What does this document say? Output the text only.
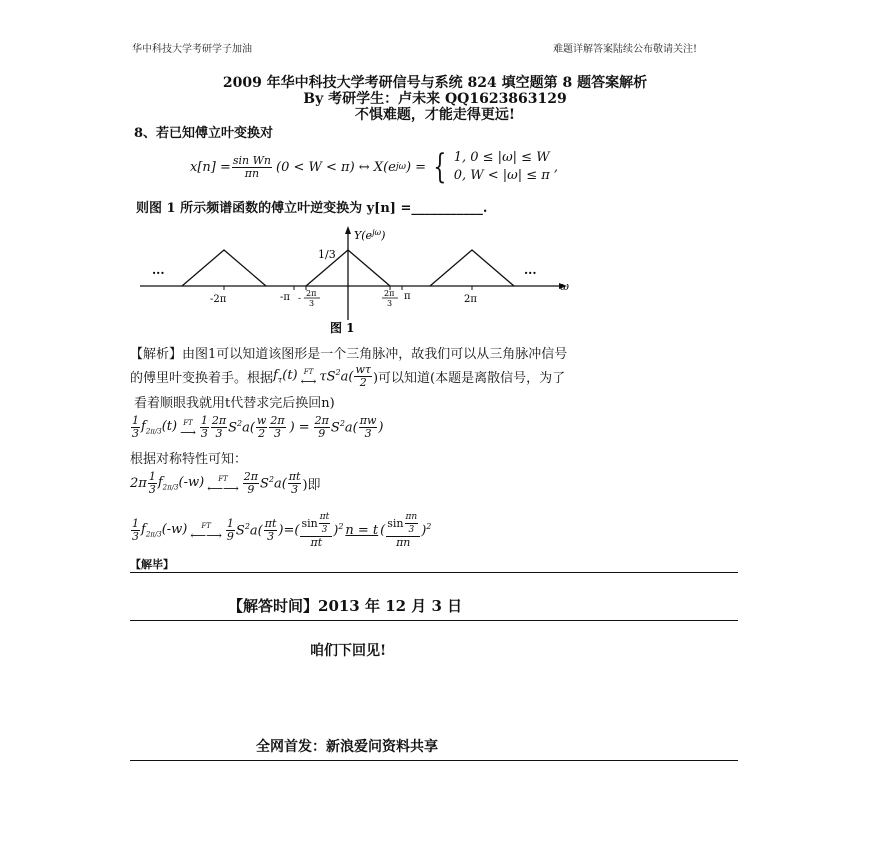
华中科技大学考研学子加油	难题详解答案陆续公布敬请关注!
2009 年华中科技大学考研信号与系统 824 填空题第 8 题答案解析
By 考研学生：卢未来 QQ1623863129
不惧难题，才能走得更远!
8、若已知傅立叶变换对
$x[n] = \frac{\text{sin Wn}}{\pi n} (0 < W < \pi)$ ↔ X(e jω ) = { 1, 0 ≤ |ω| ≤ W
0, W < |ω| ≤ π
,
则图 1 所示频谱函数的傅立叶逆变换为 y[n] =___________.
$Y(e^{j\omega})$
1/3
...	...
-2π	-π 2π
3
-
2π
3
π	2π
ω
图 1
【解析】由图1可以知道该图形是一个三角脉冲，故我们可以从三角脉冲信号
的傅里叶变换着手。根据 $f_\tau(t)$ FT
⟷ $\tau S^2a( \frac{w\tau}{2}$ )可以知道(本题是离散信号，为了
看着顺眼我就用t代替求完后换回n)
$\frac{1}{3} f_{2\pi/3}(t)$ FT
⟶ $\frac{1}{3} \frac{2\pi}{3} S^2a( \frac{w}{2} \frac{2\pi}{3}$ ) = $\frac{2\pi}{9} S^2a( \frac{\pi w}{3}$ )
根据对称特性可知：
$2\pi \frac{1}{3} f_{2\pi/3}(-w)$	FT
⟵⟶ $\frac{2\pi}{9} S^2a( \frac{\pi t}{3}$ )即
$\frac{1}{3} f_{2\pi/3}(-w)$	FT
⟵⟶ $\frac{1}{9} S^2a( \frac{\pi t}{3}$ )=( $\frac{\sin \frac{\pi t}{3}}{\pi t} )^2$ n = t ( $\frac{\sin \frac{\pi n}{3}}{\pi n} )^2$
【解毕】
【解答时间】2013 年 12 月 3 日
咱们下回见!
全网首发：新浪爱问资料共享
